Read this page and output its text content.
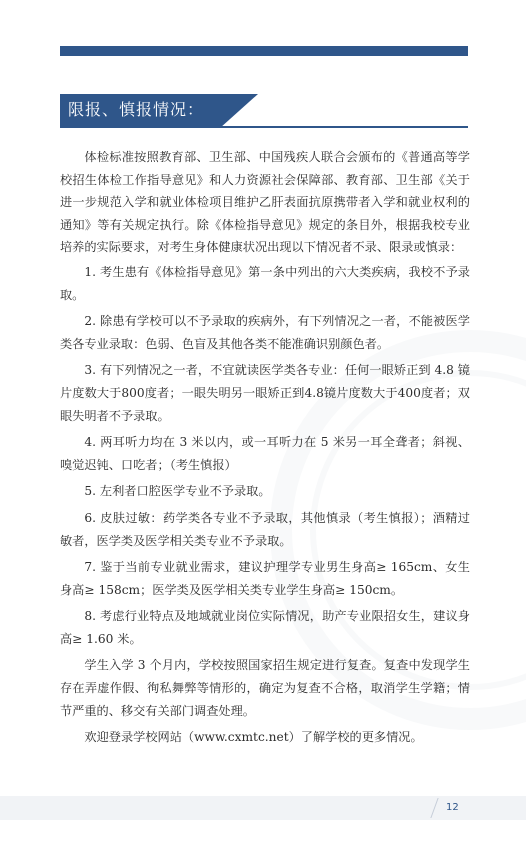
限报、慎报情况：

体检标准按照教育部、卫生部、中国残疾人联合会颁布的《普通高等学校招生体检工作指导意见》和人力资源社会保障部、教育部、卫生部《关于进一步规范入学和就业体检项目维护乙肝表面抗原携带者入学和就业权利的通知》等有关规定执行。除《体检指导意见》规定的条目外，根据我校专业培养的实际要求，对考生身体健康状况出现以下情况者不录、限录或慎录：

1. 考生患有《体检指导意见》第一条中列出的六大类疾病，我校不予录取。

2. 除患有学校可以不予录取的疾病外，有下列情况之一者，不能被医学类各专业录取：色弱、色盲及其他各类不能准确识别颜色者。

3. 有下列情况之一者，不宜就读医学类各专业：任何一眼矫正到 4.8 镜片度数大于800度者；一眼失明另一眼矫正到4.8镜片度数大于400度者；双眼失明者不予录取。

4. 两耳听力均在 3 米以内，或一耳听力在 5 米另一耳全聋者；斜视、嗅觉迟钝、口吃者；（考生慎报）

5. 左利者口腔医学专业不予录取。

6. 皮肤过敏：药学类各专业不予录取，其他慎录（考生慎报）；酒精过敏者，医学类及医学相关类专业不予录取。

7. 鉴于当前专业就业需求，建议护理学专业男生身高≥ 165cm、女生身高≥ 158cm；医学类及医学相关类专业学生身高≥ 150cm。

8. 考虑行业特点及地域就业岗位实际情况，助产专业限招女生，建议身高≥ 1.60 米。

学生入学 3 个月内，学校按照国家招生规定进行复查。复查中发现学生存在弄虚作假、徇私舞弊等情形的，确定为复查不合格，取消学生学籍；情节严重的、移交有关部门调查处理。

欢迎登录学校网站（www.cxmtc.net）了解学校的更多情况。

12
